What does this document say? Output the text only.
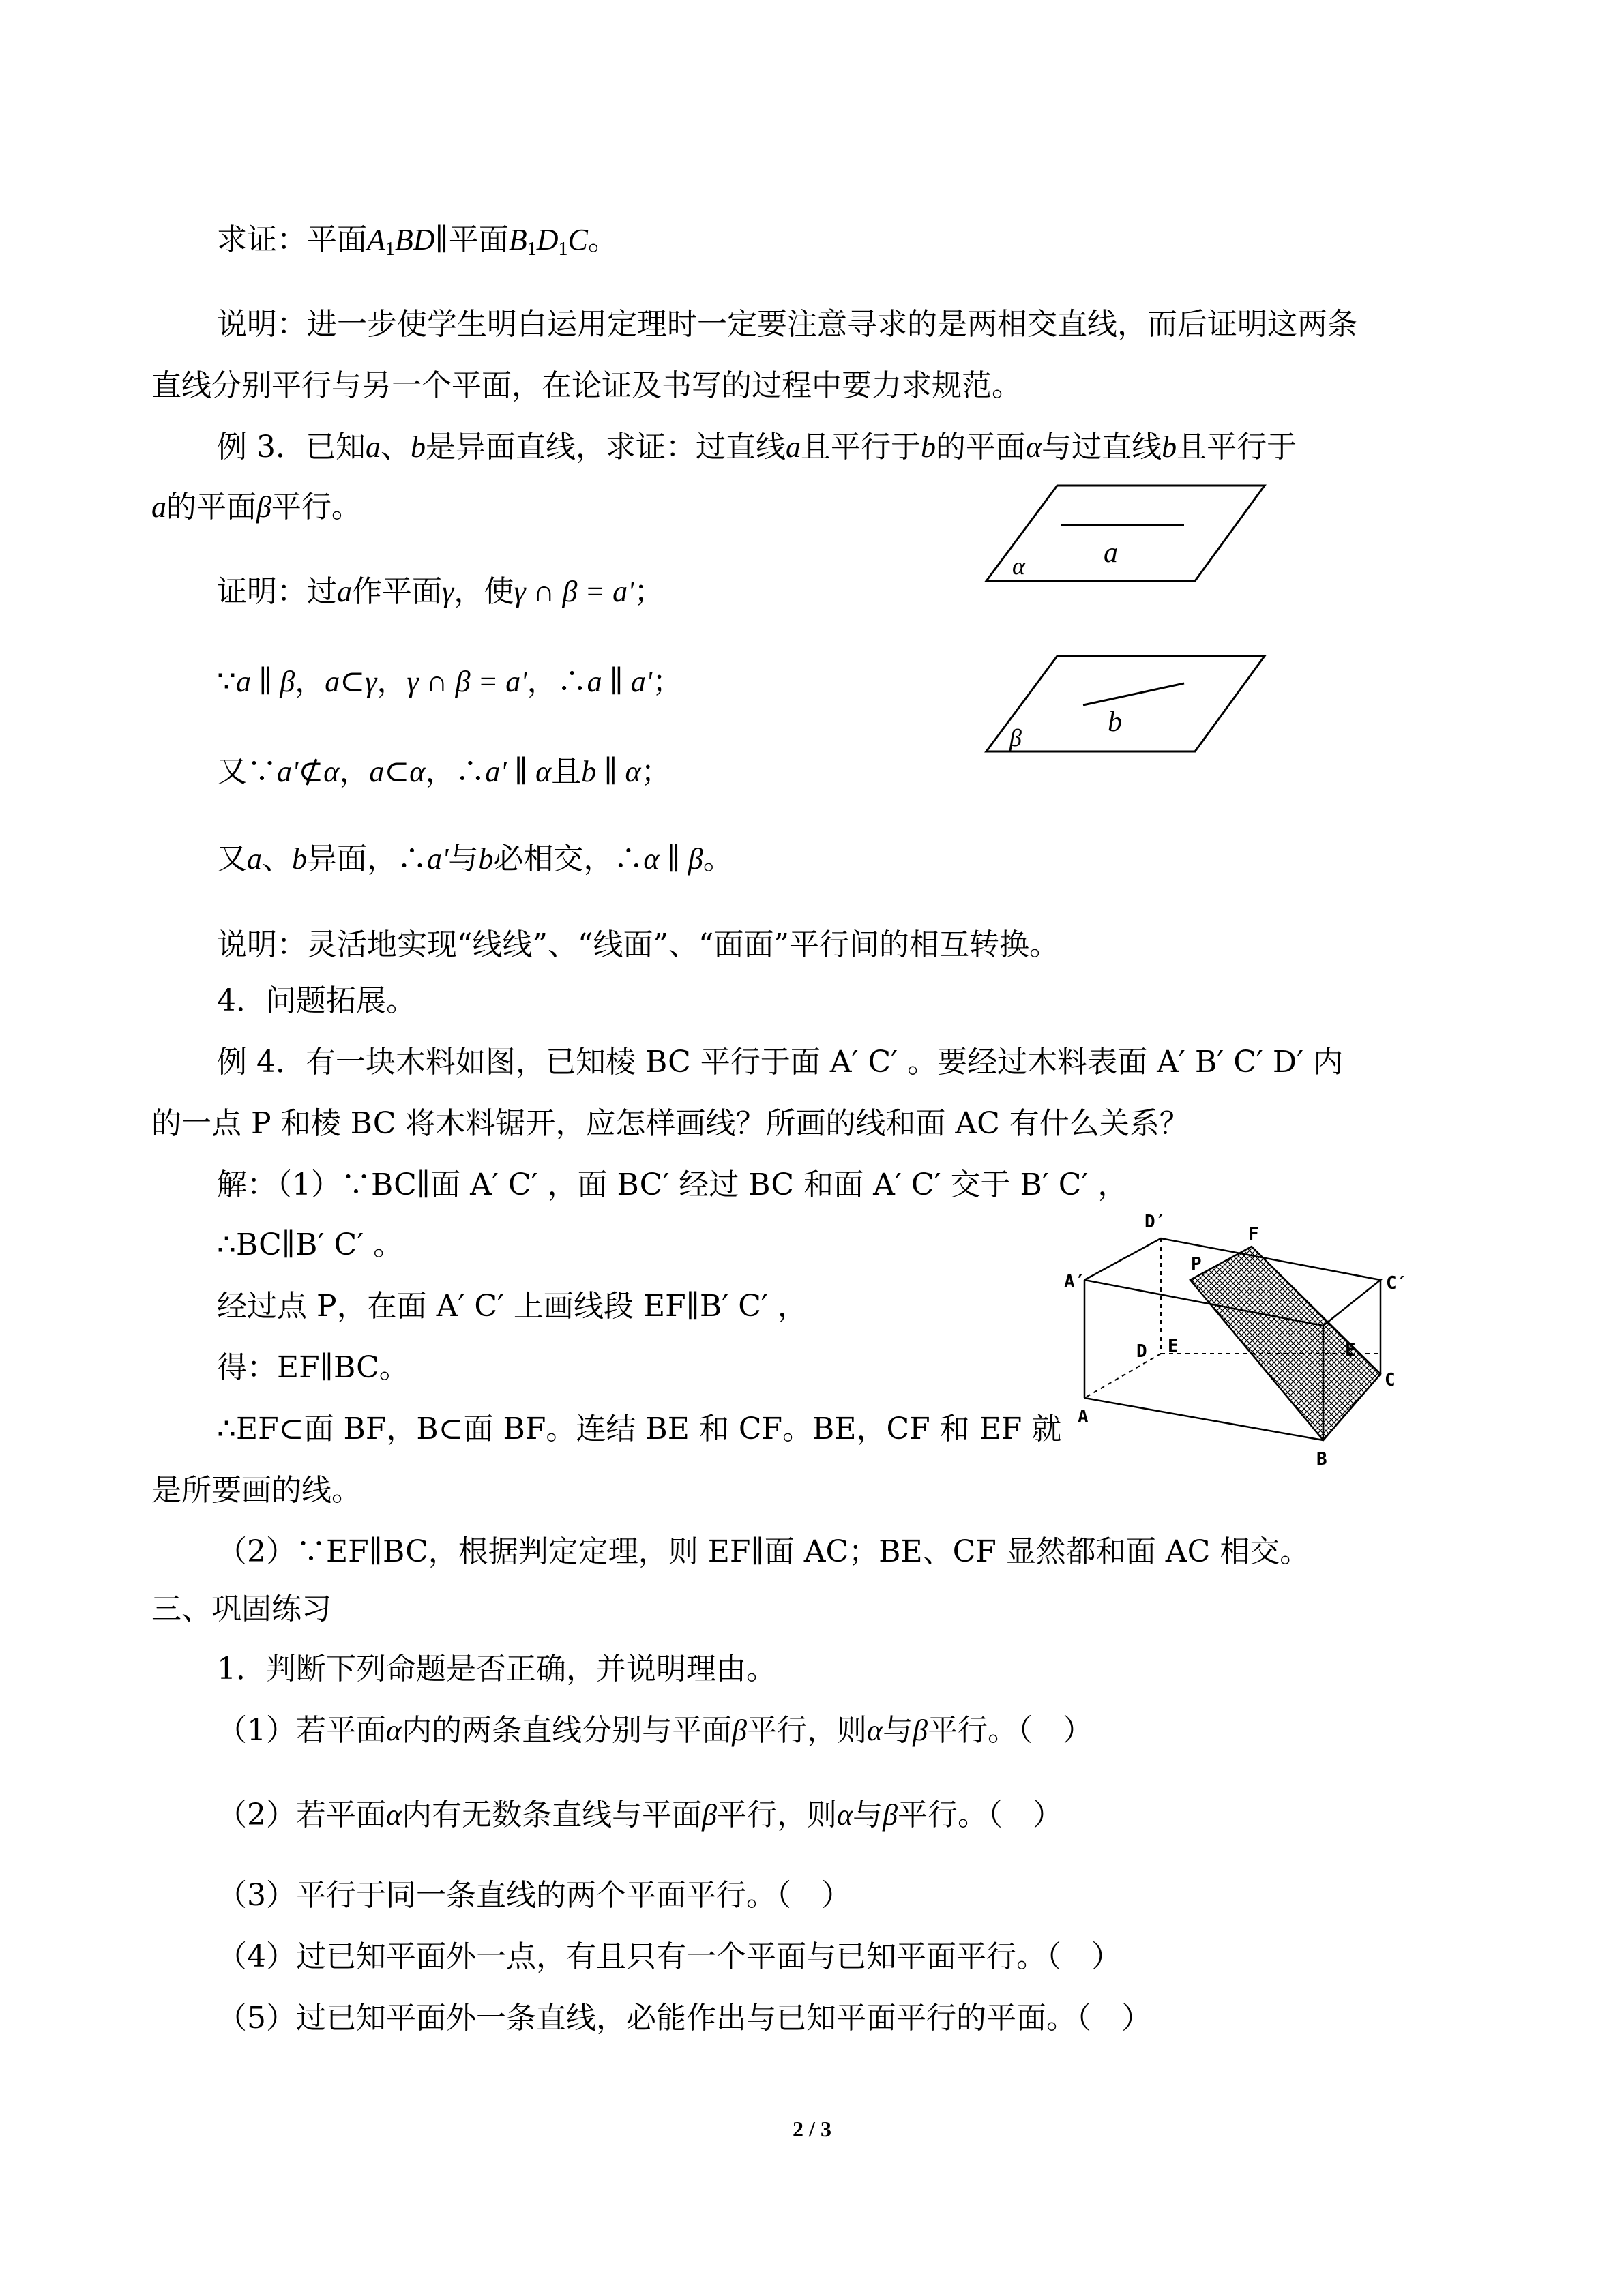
求证：平面$A_1BD\parallel$平面$B_1D_1C$。
说明：进一步使学生明白运用定理时一定要注意寻求的是两相交直线，而后证明这两条
直线分别平行与另一个平面，在论证及书写的过程中要力求规范。
例 3．已知a、b是异面直线，求证：过直线a且平行于b的平面α与过直线b且平行于
a的平面β平行。
证明：过a作平面γ，使γ ∩ β = a'；
∵a ∥ β，a⊂γ，γ ∩ β = a'，∴a ∥ a'；
又∵a'⊄α，a⊂α，∴a' ∥ α且b ∥ α；
又a、b异面，∴a'与b必相交，∴α ∥ β。
说明：灵活地实现“线线”、“线面”、“面面”平行间的相互转换。
α	a
β	b
4．问题拓展。
例 4．有一块木料如图，已知棱 BC 平行于面 A′ C′ 。要经过木料表面 A′ B′ C′ D′ 内
的一点 P 和棱 BC 将木料锯开，应怎样画线？所画的线和面 AC 有什么关系？
解：（1）∵BC∥面 A′ C′ ，面 BC′ 经过 BC 和面 A′ C′ 交于 B′ C′ ，
∴BC∥B′ C′ 。
经过点 P，在面 A′ C′ 上画线段 EF∥B′ C′ ，
得：EF∥BC。
∴EF⊂面 BF，B⊂面 BF。连结 BE 和 CF。BE，CF 和 EF 就
是所要画的线。
（2）∵EF∥BC，根据判定定理，则 EF∥面 AC；BE、CF 显然都和面 AC 相交。
D′
F
A′
P
C′
D E	E
C
A
B
三、巩固练习
1．判断下列命题是否正确，并说明理由。
（1）若平面α内的两条直线分别与平面β平行，则α与β平行。（　）
（2）若平面α内有无数条直线与平面β平行，则α与β平行。（　）
（3）平行于同一条直线的两个平面平行。（　）
（4）过已知平面外一点，有且只有一个平面与已知平面平行。（　）
（5）过已知平面外一条直线，必能作出与已知平面平行的平面。（　）
2 / 3
